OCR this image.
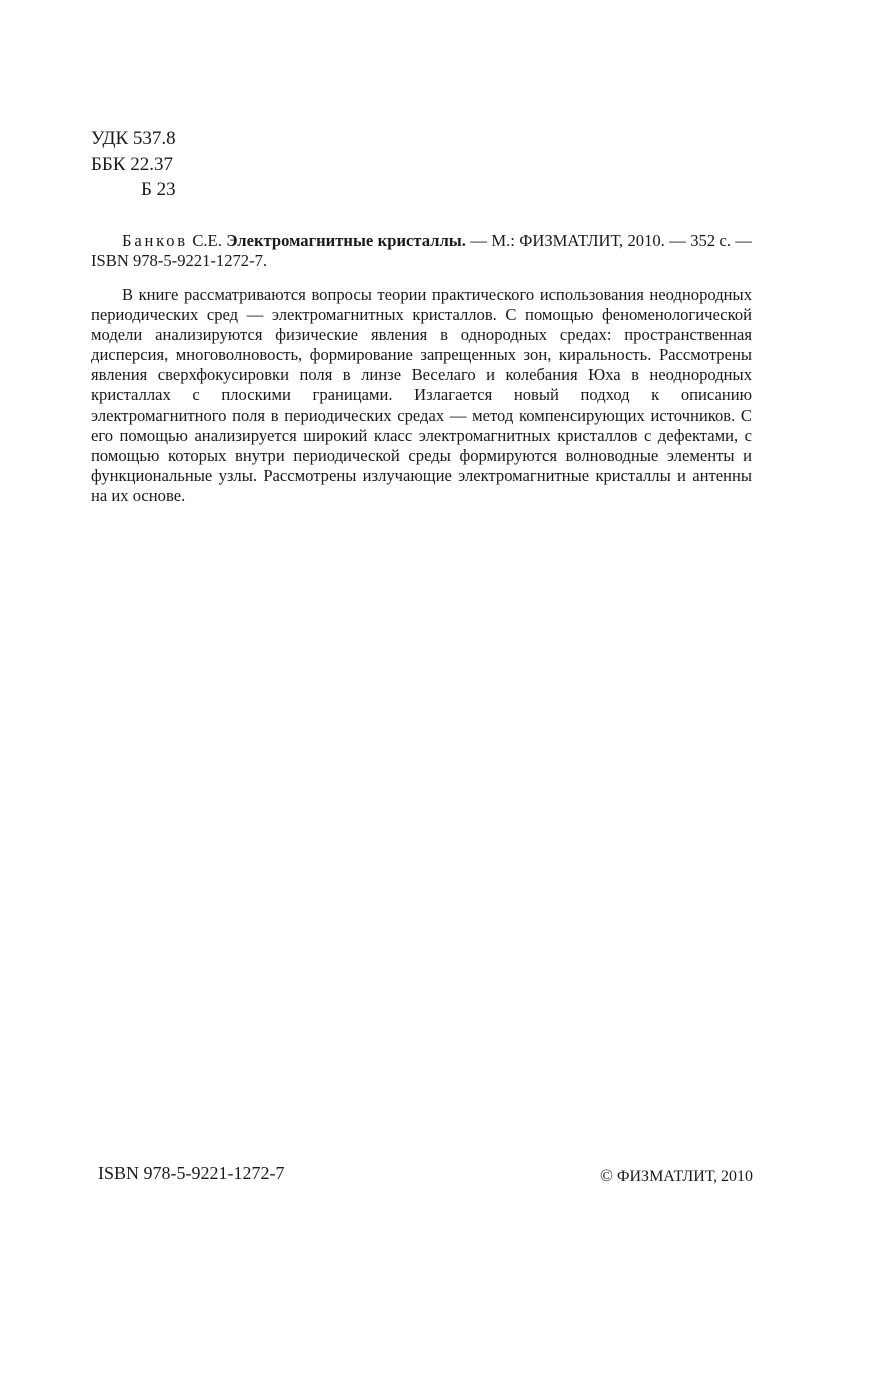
УДК 537.8
ББК 22.37
Б 23
Банков С.Е. Электромагнитные кристаллы. — М.: ФИЗМАТЛИТ, 2010. — 352 с. — ISBN 978-5-9221-1272-7.
В книге рассматриваются вопросы теории практического использования неоднородных периодических сред — электромагнитных кристаллов. С помощью феноменологической модели анализируются физические явления в однородных средах: пространственная дисперсия, многоволновость, формирование запрещенных зон, киральность. Рассмотрены явления сверхфокусировки поля в линзе Веселаго и колебания Юха в неоднородных кристаллах с плоскими границами. Излагается новый подход к описанию электромагнитного поля в периодических средах — метод компенсирующих источников. С его помощью анализируется широкий класс электромагнитных кристаллов с дефектами, с помощью которых внутри периодической среды формируются волноводные элементы и функциональные узлы. Рассмотрены излучающие электромагнитные кристаллы и антенны на их основе.
ISBN 978-5-9221-1272-7	© ФИЗМАТЛИТ, 2010
